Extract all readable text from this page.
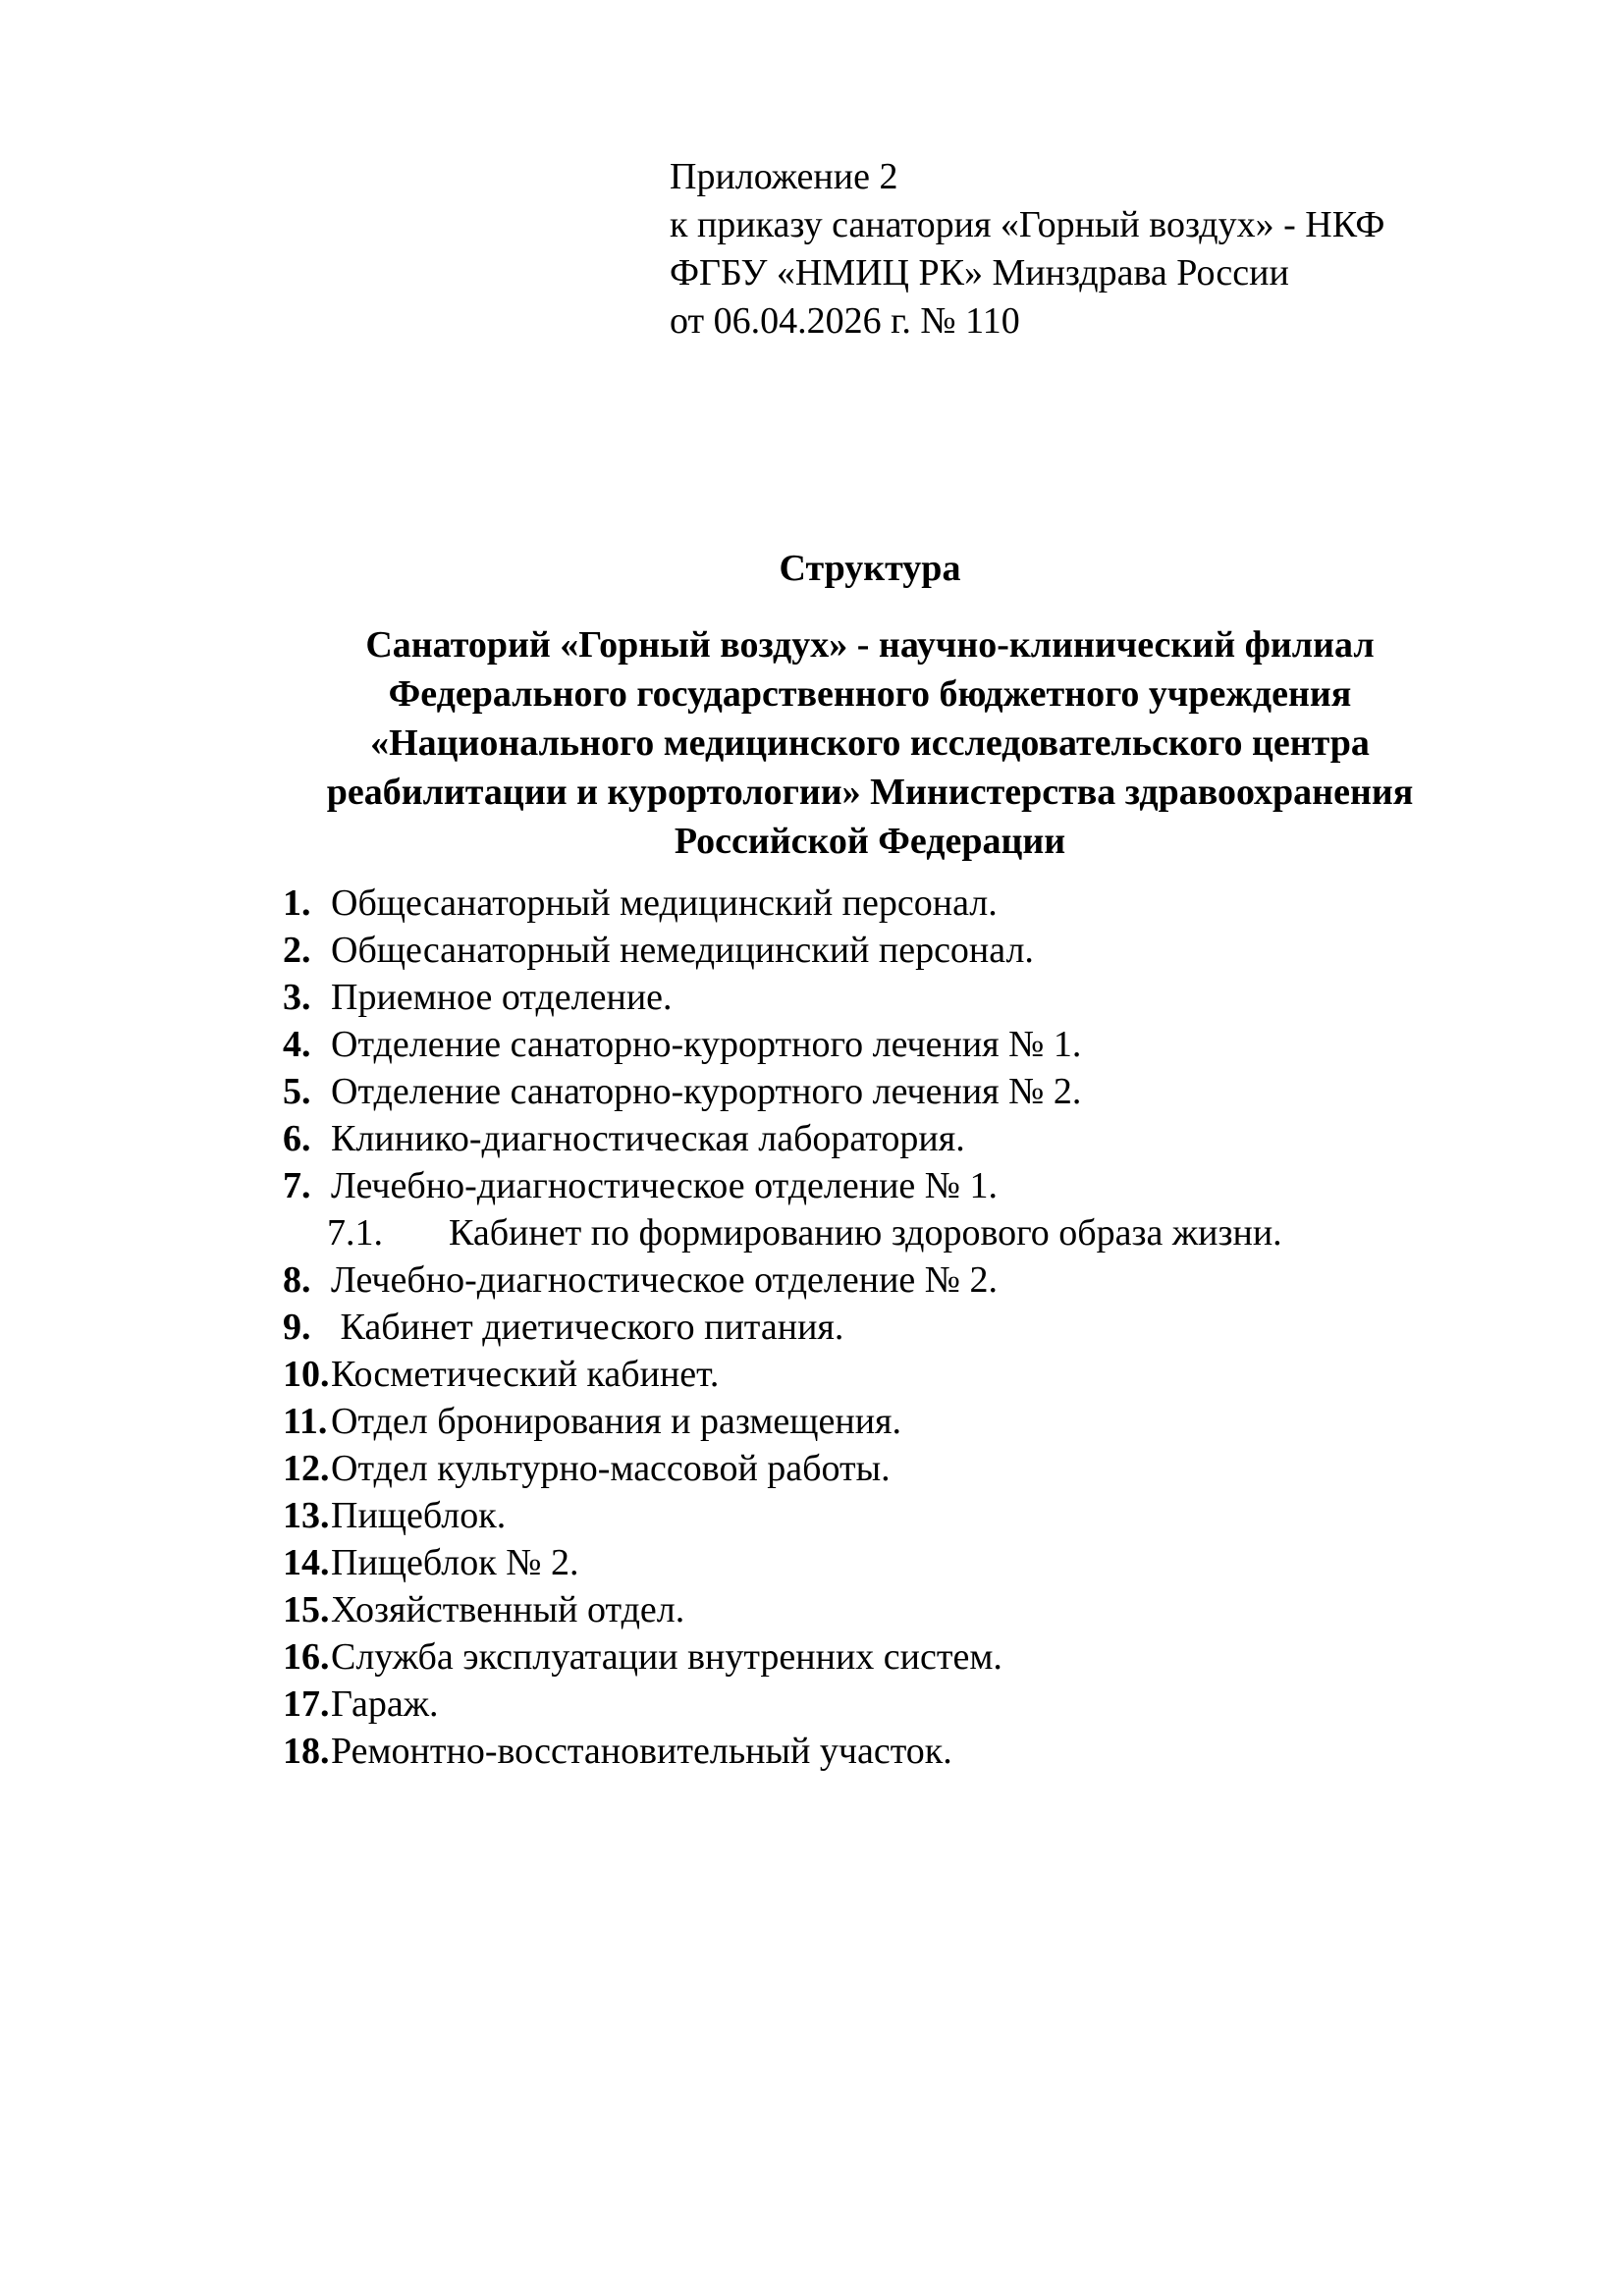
Приложение 2
к приказу санатория «Горный воздух» - НКФ
ФГБУ «НМИЦ РК» Минздрава России
от 06.04.2026 г. № 110
Структура
Санаторий «Горный воздух» - научно-клинический филиал
Федерального государственного бюджетного учреждения
«Национального медицинского исследовательского центра
реабилитации и курортологии» Министерства здравоохранения
Российской Федерации
1. Общесанаторный медицинский персонал.
2. Общесанаторный немедицинский персонал.
3. Приемное отделение.
4. Отделение санаторно-курортного лечения № 1.
5. Отделение санаторно-курортного лечения № 2.
6. Клинико-диагностическая лаборатория.
7. Лечебно-диагностическое отделение № 1.
7.1. Кабинет по формированию здорового образа жизни.
8. Лечебно-диагностическое отделение № 2.
9. Кабинет диетического питания.
10.Косметический кабинет.
11.Отдел бронирования и размещения.
12.Отдел культурно-массовой работы.
13.Пищеблок.
14.Пищеблок № 2.
15.Хозяйственный отдел.
16.Служба эксплуатации внутренних систем.
17.Гараж.
18.Ремонтно-восстановительный участок.
